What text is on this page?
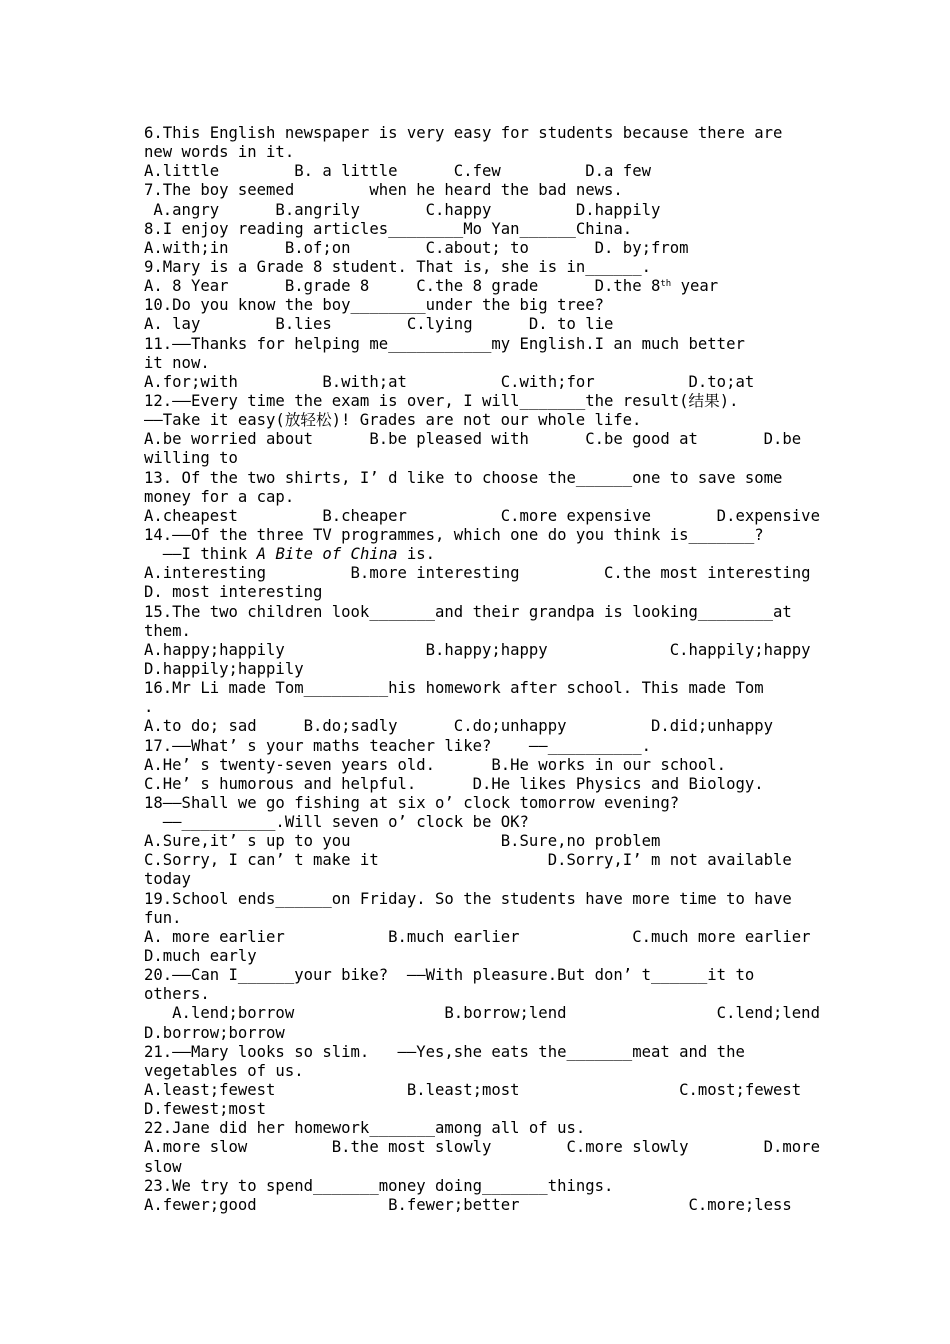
6.This English newspaper is very easy for students because there are
new words in it.
A.little        B. a little      C.few         D.a few
7.The boy seemed        when he heard the bad news.
A.angry      B.angrily       C.happy         D.happily
8.I enjoy reading articles________Mo Yan______China.
A.with;in      B.of;on        C.about; to       D. by;from
9.Mary is a Grade 8 student. That is, she is in______.
A. 8 Year      B.grade 8     C.the 8 grade      D.the 8th year
10.Do you know the boy________under the big tree?
A. lay        B.lies        C.lying      D. to lie
11.——Thanks for helping me___________my English.I an much better
it now.
A.for;with         B.with;at          C.with;for          D.to;at
12.——Every time the exam is over, I will_______the result(结果).
——Take it easy(放轻松)! Grades are not our whole life.
A.be worried about      B.be pleased with      C.be good at       D.be
willing to
13. Of the two shirts, I’ d like to choose the______one to save some
money for a cap.
A.cheapest         B.cheaper          C.more expensive       D.expensive
14.——Of the three TV programmes, which one do you think is_______?
——I think A Bite of China is.
A.interesting         B.more interesting         C.the most interesting
D. most interesting
15.The two children look_______and their grandpa is looking________at
them.
A.happy;happily               B.happy;happy             C.happily;happy
D.happily;happily
16.Mr Li made Tom_________his homework after school. This made Tom
.
A.to do; sad     B.do;sadly      C.do;unhappy         D.did;unhappy
17.——What’ s your maths teacher like?    ——__________.
A.He’ s twenty-seven years old.      B.He works in our school.
C.He’ s humorous and helpful.      D.He likes Physics and Biology.
18——Shall we go fishing at six o’ clock tomorrow evening?
——__________.Will seven o’ clock be OK?
A.Sure,it’ s up to you                B.Sure,no problem
C.Sorry, I can’ t make it                  D.Sorry,I’ m not available
today
19.School ends______on Friday. So the students have more time to have
fun.
A. more earlier           B.much earlier            C.much more earlier
D.much early
20.——Can I______your bike?  ——With pleasure.But don’ t______it to
others.
A.lend;borrow                B.borrow;lend                C.lend;lend
D.borrow;borrow
21.——Mary looks so slim.   ——Yes,she eats the_______meat and the
vegetables of us.
A.least;fewest              B.least;most                 C.most;fewest
D.fewest;most
22.Jane did her homework_______among all of us.
A.more slow         B.the most slowly        C.more slowly        D.more
slow
23.We try to spend_______money doing_______things.
A.fewer;good              B.fewer;better                  C.more;less
